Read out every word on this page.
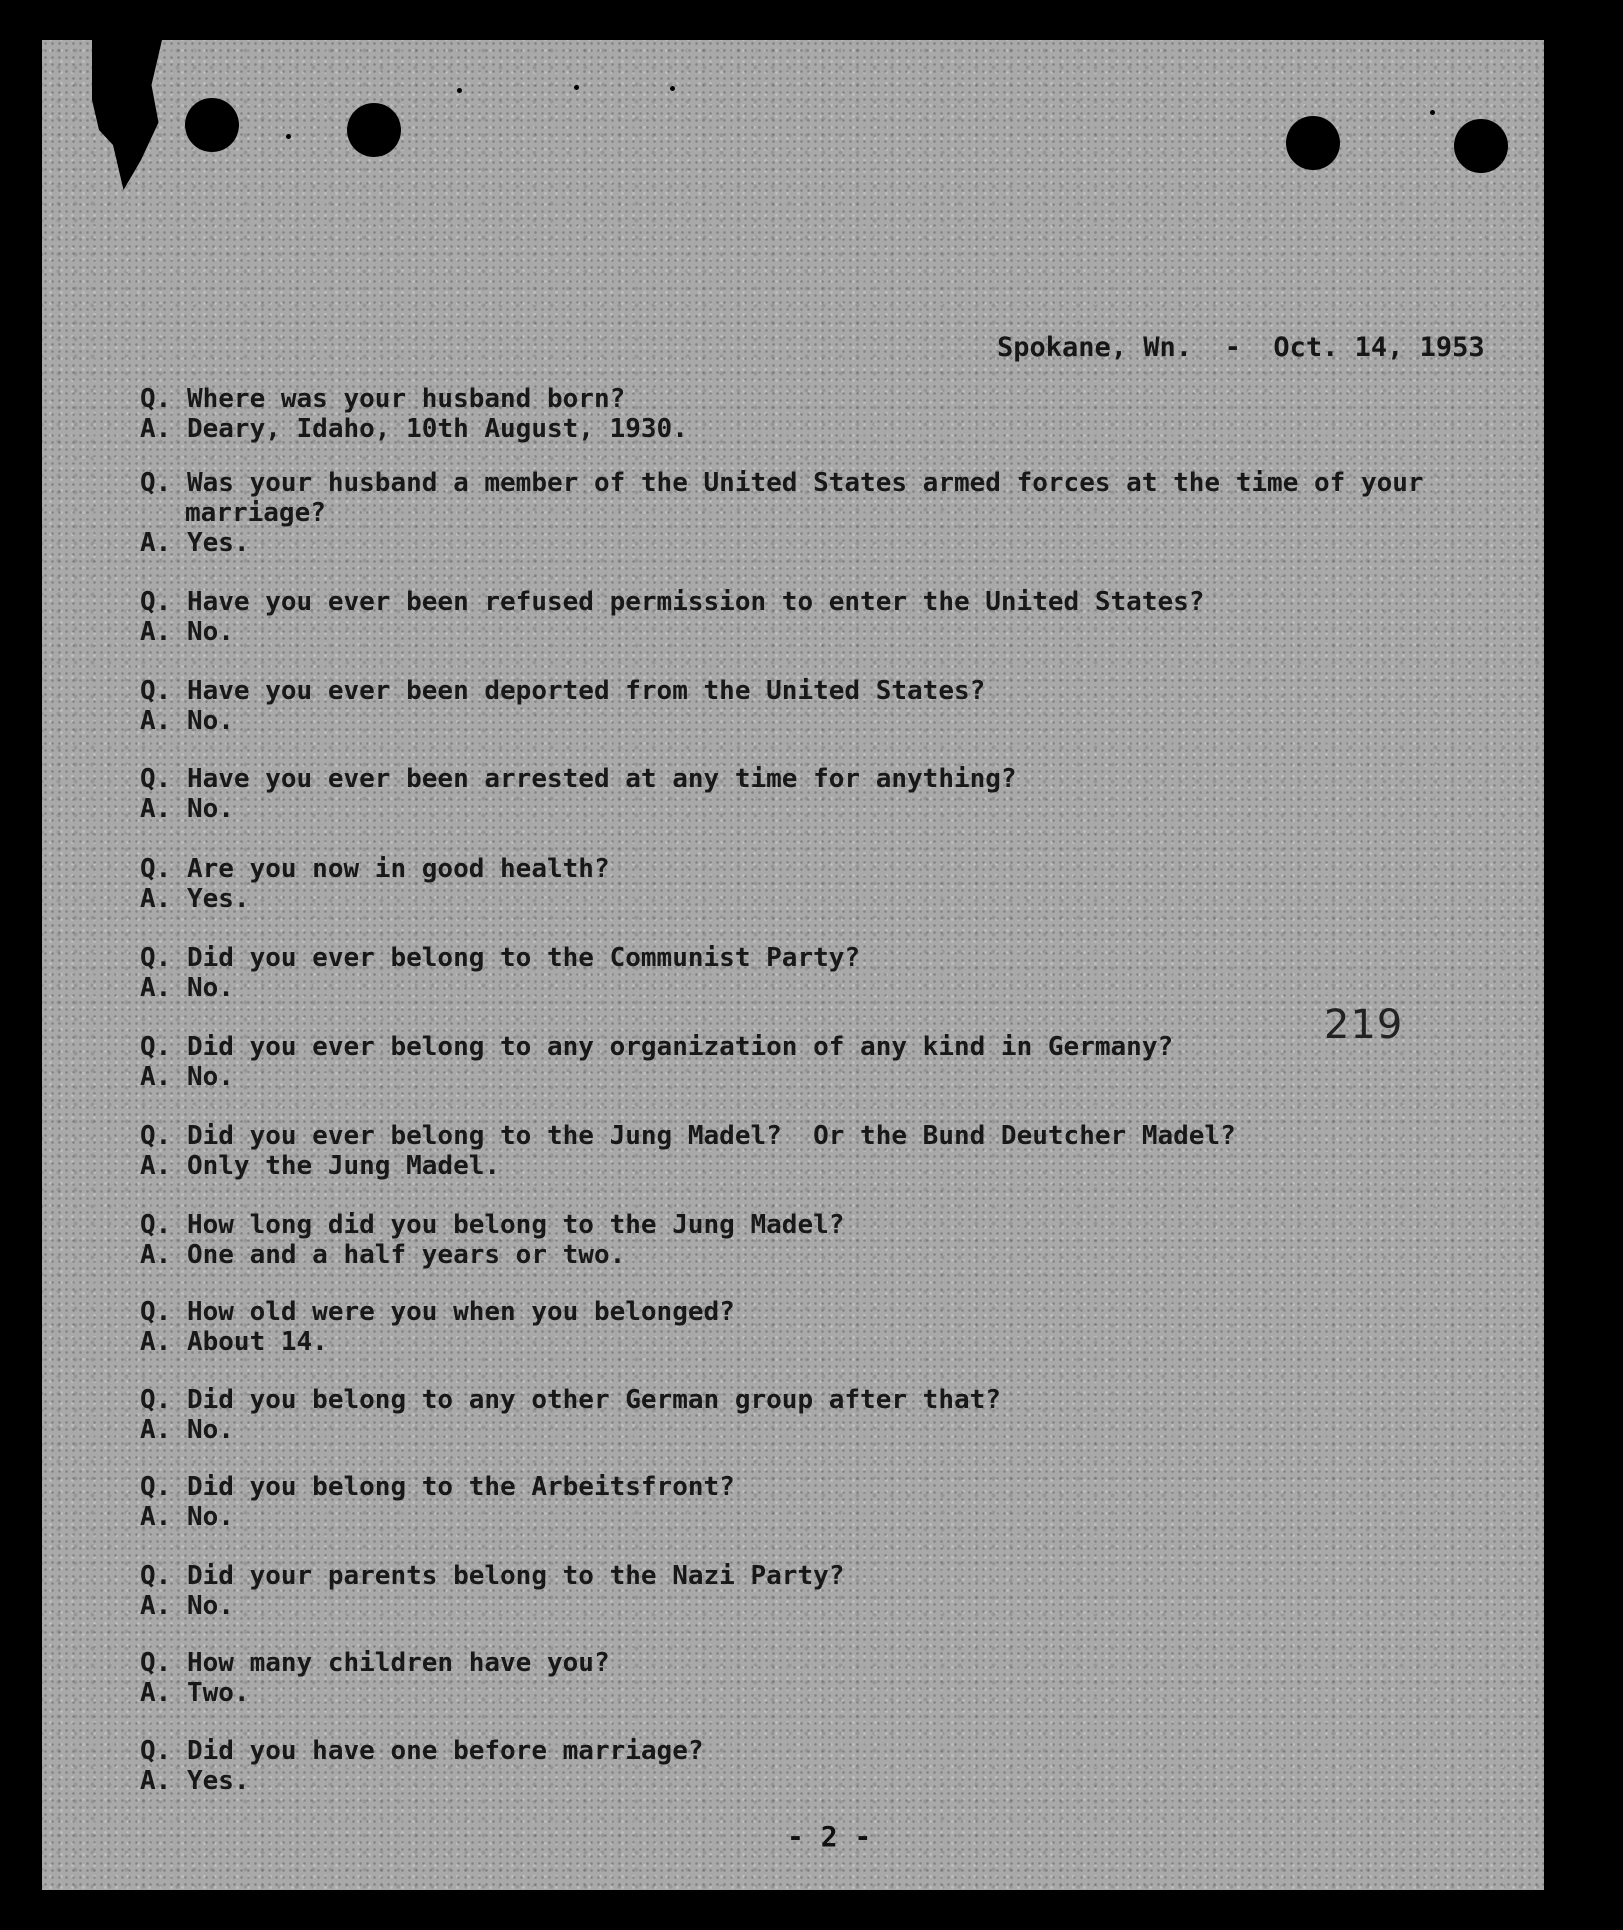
Spokane, Wn.  -  Oct. 14, 1953
219
Q. Where was your husband born?
A. Deary, Idaho, 10th August, 1930.
Q. Was your husband a member of the United States armed forces at the time of your
marriage?
A. Yes.
Q. Have you ever been refused permission to enter the United States?
A. No.
Q. Have you ever been deported from the United States?
A. No.
Q. Have you ever been arrested at any time for anything?
A. No.
Q. Are you now in good health?
A. Yes.
Q. Did you ever belong to the Communist Party?
A. No.
Q. Did you ever belong to any organization of any kind in Germany?
A. No.
Q. Did you ever belong to the Jung Madel?  Or the Bund Deutcher Madel?
A. Only the Jung Madel.
Q. How long did you belong to the Jung Madel?
A. One and a half years or two.
Q. How old were you when you belonged?
A. About 14.
Q. Did you belong to any other German group after that?
A. No.
Q. Did you belong to the Arbeitsfront?
A. No.
Q. Did your parents belong to the Nazi Party?
A. No.
Q. How many children have you?
A. Two.
Q. Did you have one before marriage?
A. Yes.
- 2 -
